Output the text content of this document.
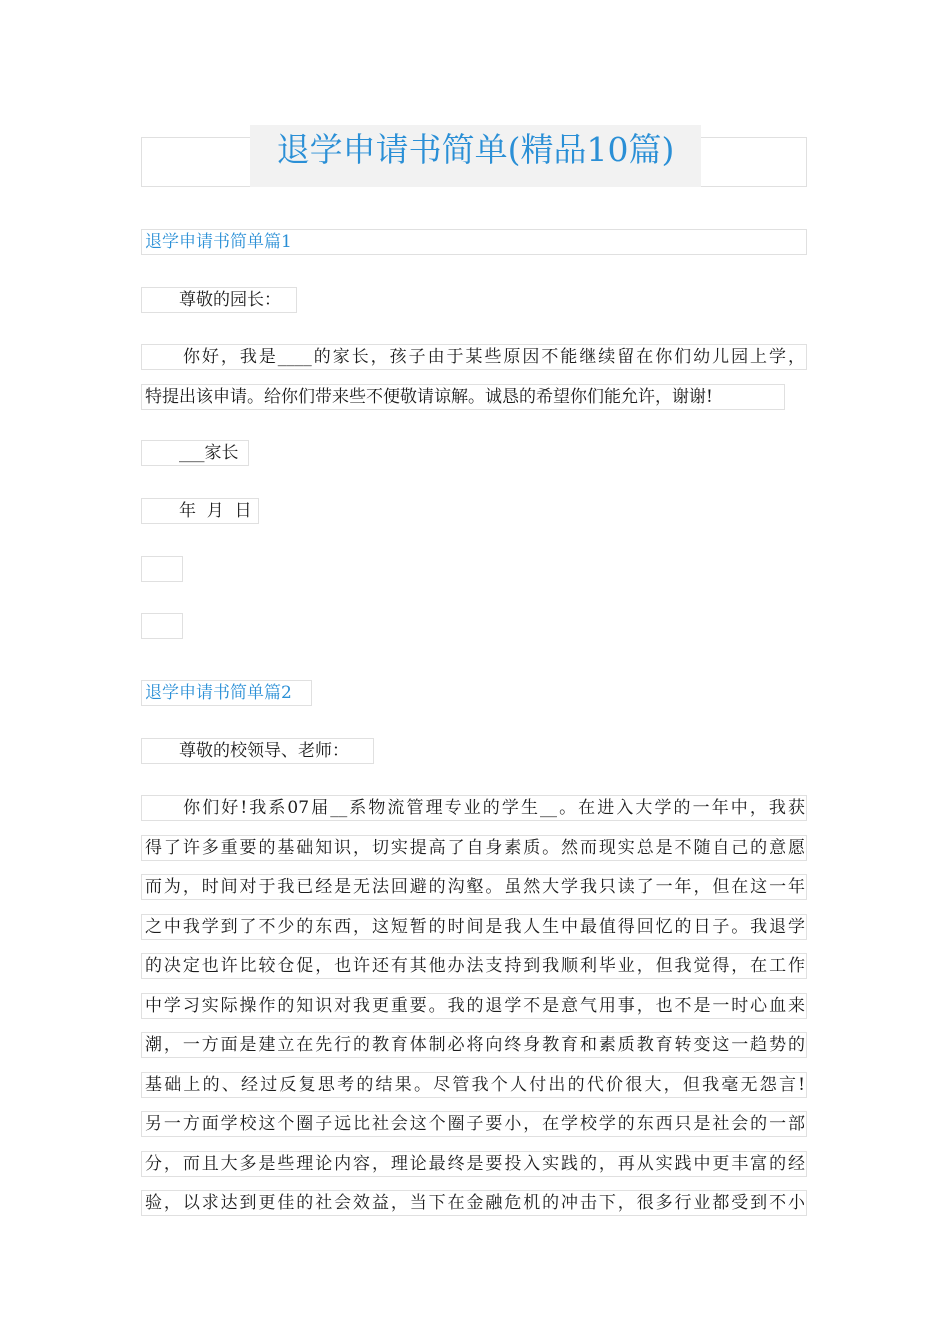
退学申请书简单(精品10篇)
退学申请书简单篇1
　　尊敬的园长：
　　你好，我是____的家长，孩子由于某些原因不能继续留在你们幼儿园上学，
特提出该申请。给你们带来些不便敬请谅解。诚恳的希望你们能允许，谢谢!
　　___家长
　　年  月  日
退学申请书简单篇2
　　尊敬的校领导、老师：
　　你们好!我系07届__系物流管理专业的学生__。在进入大学的一年中，我获
得了许多重要的基础知识，切实提高了自身素质。然而现实总是不随自己的意愿
而为，时间对于我已经是无法回避的沟壑。虽然大学我只读了一年，但在这一年
之中我学到了不少的东西，这短暂的时间是我人生中最值得回忆的日子。我退学
的决定也许比较仓促，也许还有其他办法支持到我顺利毕业，但我觉得，在工作
中学习实际操作的知识对我更重要。我的退学不是意气用事，也不是一时心血来
潮，一方面是建立在先行的教育体制必将向终身教育和素质教育转变这一趋势的
基础上的、经过反复思考的结果。尽管我个人付出的代价很大，但我毫无怨言!
另一方面学校这个圈子远比社会这个圈子要小，在学校学的东西只是社会的一部
分，而且大多是些理论内容，理论最终是要投入实践的，再从实践中更丰富的经
验，以求达到更佳的社会效益，当下在金融危机的冲击下，很多行业都受到不小
